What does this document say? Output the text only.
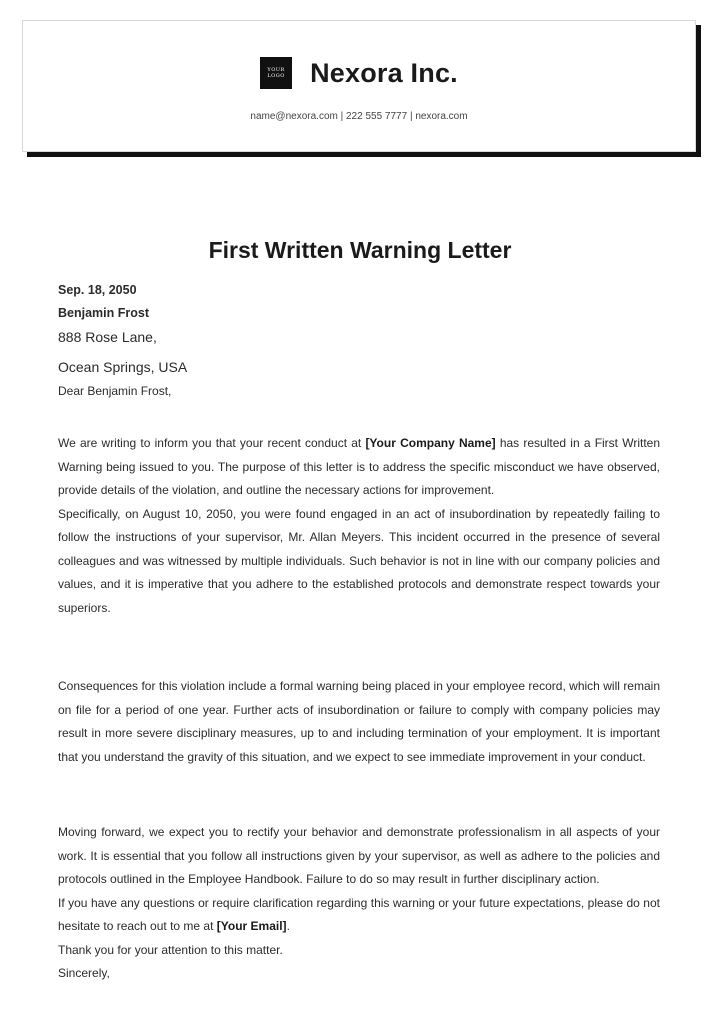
YOUR
LOGO Nexora Inc.
name@nexora.com | 222 555 7777 | nexora.com
First Written Warning Letter
Sep. 18, 2050
Benjamin Frost
888 Rose Lane,
Ocean Springs, USA
Dear Benjamin Frost,

We are writing to inform you that your recent conduct at [Your Company Name] has resulted in a First Written Warning being issued to you. The purpose of this letter is to address the specific misconduct we have observed, provide details of the violation, and outline the necessary actions for improvement.

Specifically, on August 10, 2050, you were found engaged in an act of insubordination by repeatedly failing to follow the instructions of your supervisor, Mr. Allan Meyers. This incident occurred in the presence of several colleagues and was witnessed by multiple individuals. Such behavior is not in line with our company policies and values, and it is imperative that you adhere to the established protocols and demonstrate respect towards your superiors.

Consequences for this violation include a formal warning being placed in your employee record, which will remain on file for a period of one year. Further acts of insubordination or failure to comply with company policies may result in more severe disciplinary measures, up to and including termination of your employment. It is important that you understand the gravity of this situation, and we expect to see immediate improvement in your conduct.

Moving forward, we expect you to rectify your behavior and demonstrate professionalism in all aspects of your work. It is essential that you follow all instructions given by your supervisor, as well as adhere to the policies and protocols outlined in the Employee Handbook. Failure to do so may result in further disciplinary action.

If you have any questions or require clarification regarding this warning or your future expectations, please do not hesitate to reach out to me at [Your Email].

Thank you for your attention to this matter.

Sincerely,
